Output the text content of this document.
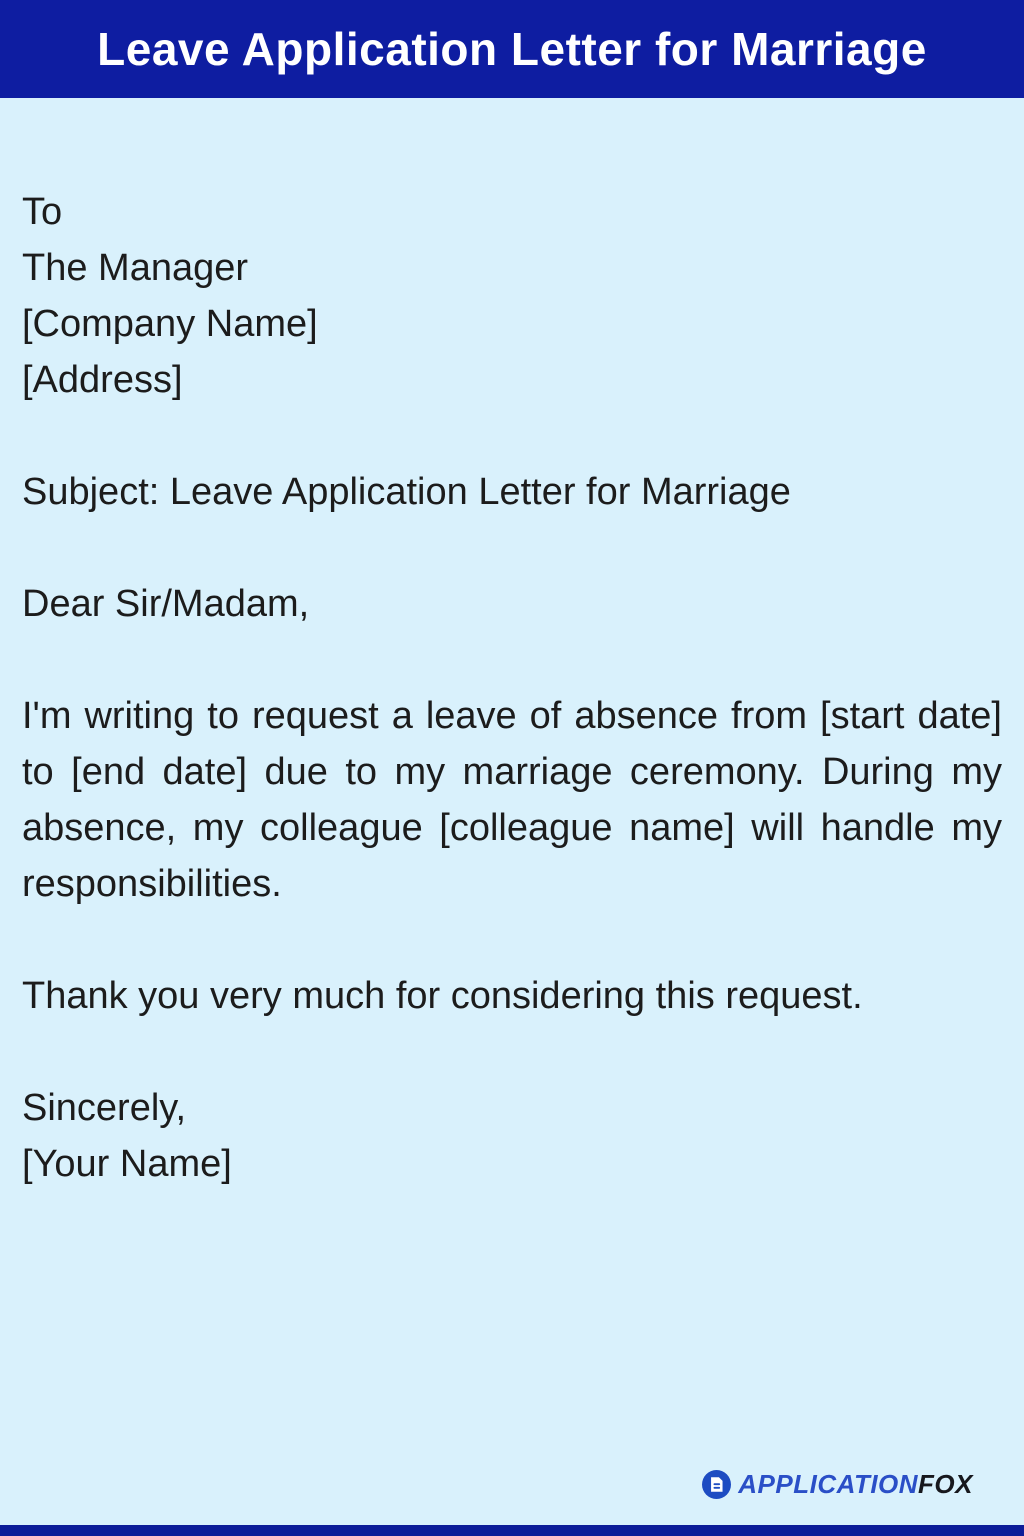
Leave Application Letter for Marriage
To
The Manager
[Company Name]
[Address]

Subject: Leave Application Letter for Marriage

Dear Sir/Madam,

I'm writing to request a leave of absence from [start date] to [end date] due to my marriage ceremony. During my absence, my colleague [colleague name] will handle my responsibilities.

Thank you very much for considering this request.

Sincerely,
[Your Name]
APPLICATIONFOX
